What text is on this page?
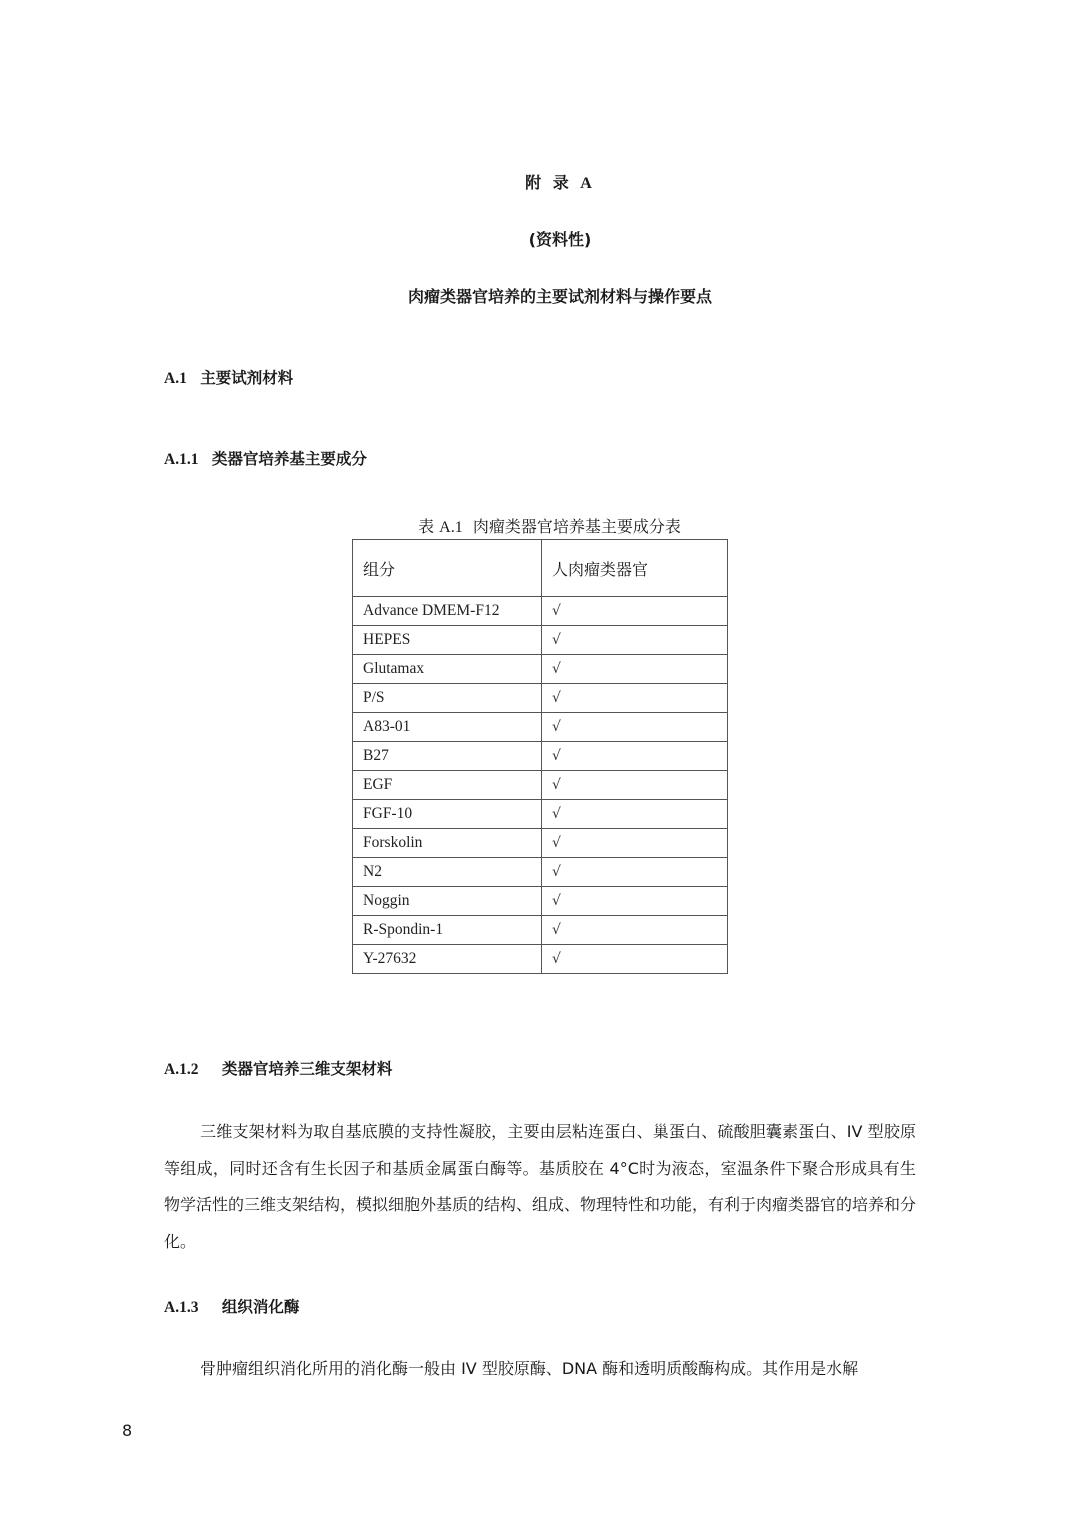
附 录 A
(资料性)
肉瘤类器官培养的主要试剂材料与操作要点
A.1 主要试剂材料
A.1.1 类器官培养基主要成分
表 A.1 肉瘤类器官培养基主要成分表
组分	人肉瘤类器官
Advance DMEM-F12	√
HEPES	√
Glutamax	√
P/S	√
A83-01	√
B27	√
EGF	√
FGF-10	√
Forskolin	√
N2	√
Noggin	√
R-Spondin-1	√
Y-27632	√
A.1.2 类器官培养三维支架材料
三维支架材料为取自基底膜的支持性凝胶，主要由层粘连蛋白、巢蛋白、硫酸胆囊素蛋白、IV 型胶原等组成，同时还含有生长因子和基质金属蛋白酶等。基质胶在 4°C时为液态，室温条件下聚合形成具有生物学活性的三维支架结构，模拟细胞外基质的结构、组成、物理特性和功能，有利于肉瘤类器官的培养和分化。
A.1.3 组织消化酶
骨肿瘤组织消化所用的消化酶一般由 IV 型胶原酶、DNA 酶和透明质酸酶构成。其作用是水解
8
